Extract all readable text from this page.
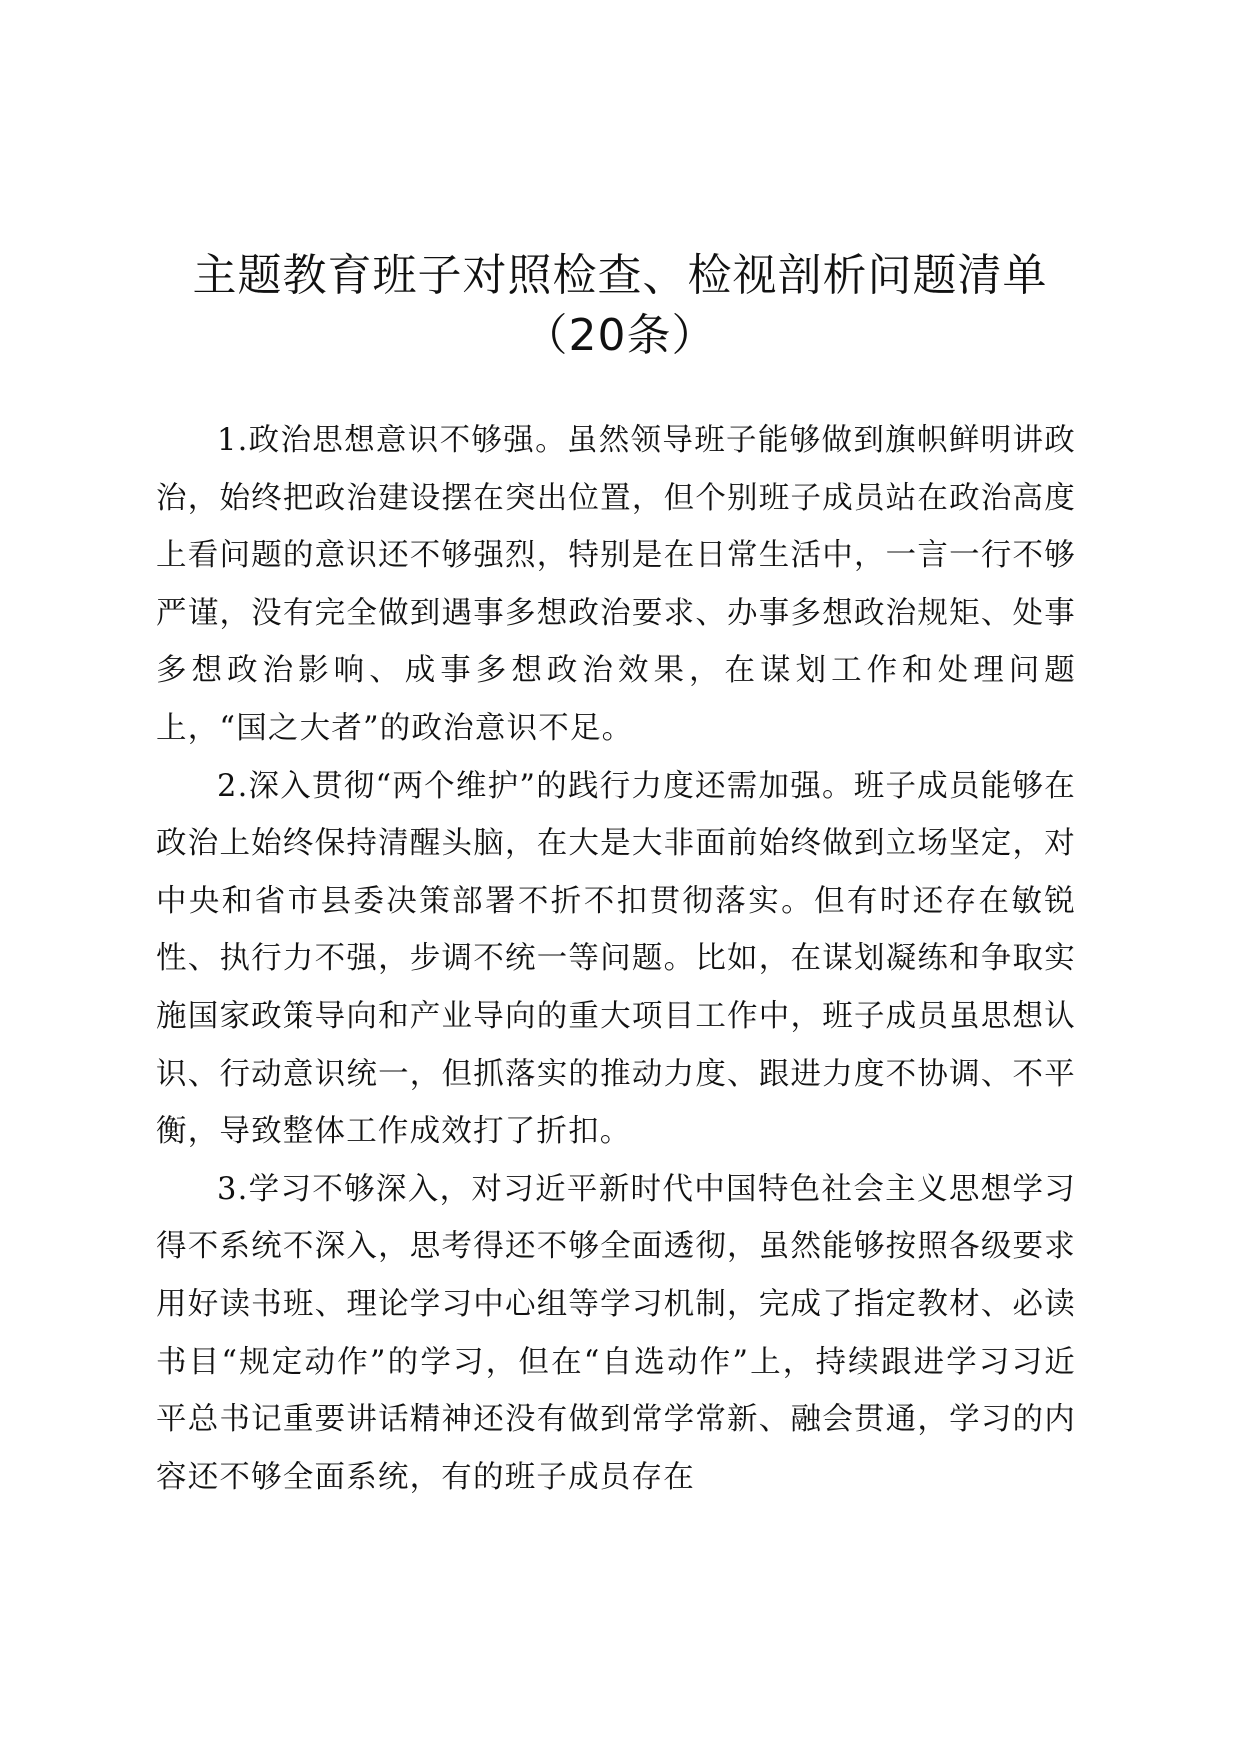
主题教育班子对照检查、检视剖析问题清单
（20条）

1.政治思想意识不够强。虽然领导班子能够做到旗帜鲜明讲政治，始终把政治建设摆在突出位置，但个别班子成员站在政治高度上看问题的意识还不够强烈，特别是在日常生活中，一言一行不够严谨，没有完全做到遇事多想政治要求、办事多想政治规矩、处事多想政治影响、成事多想政治效果，在谋划工作和处理问题上，“国之大者”的政治意识不足。

2.深入贯彻“两个维护”的践行力度还需加强。班子成员能够在政治上始终保持清醒头脑，在大是大非面前始终做到立场坚定，对中央和省市县委决策部署不折不扣贯彻落实。但有时还存在敏锐性、执行力不强，步调不统一等问题。比如，在谋划凝练和争取实施国家政策导向和产业导向的重大项目工作中，班子成员虽思想认识、行动意识统一，但抓落实的推动力度、跟进力度不协调、不平衡，导致整体工作成效打了折扣。

3.学习不够深入，对习近平新时代中国特色社会主义思想学习得不系统不深入，思考得还不够全面透彻，虽然能够按照各级要求用好读书班、理论学习中心组等学习机制，完成了指定教材、必读书目“规定动作”的学习，但在“自选动作”上，持续跟进学习习近平总书记重要讲话精神还没有做到常学常新、融会贯通，学习的内容还不够全面系统，有的班子成员存在
